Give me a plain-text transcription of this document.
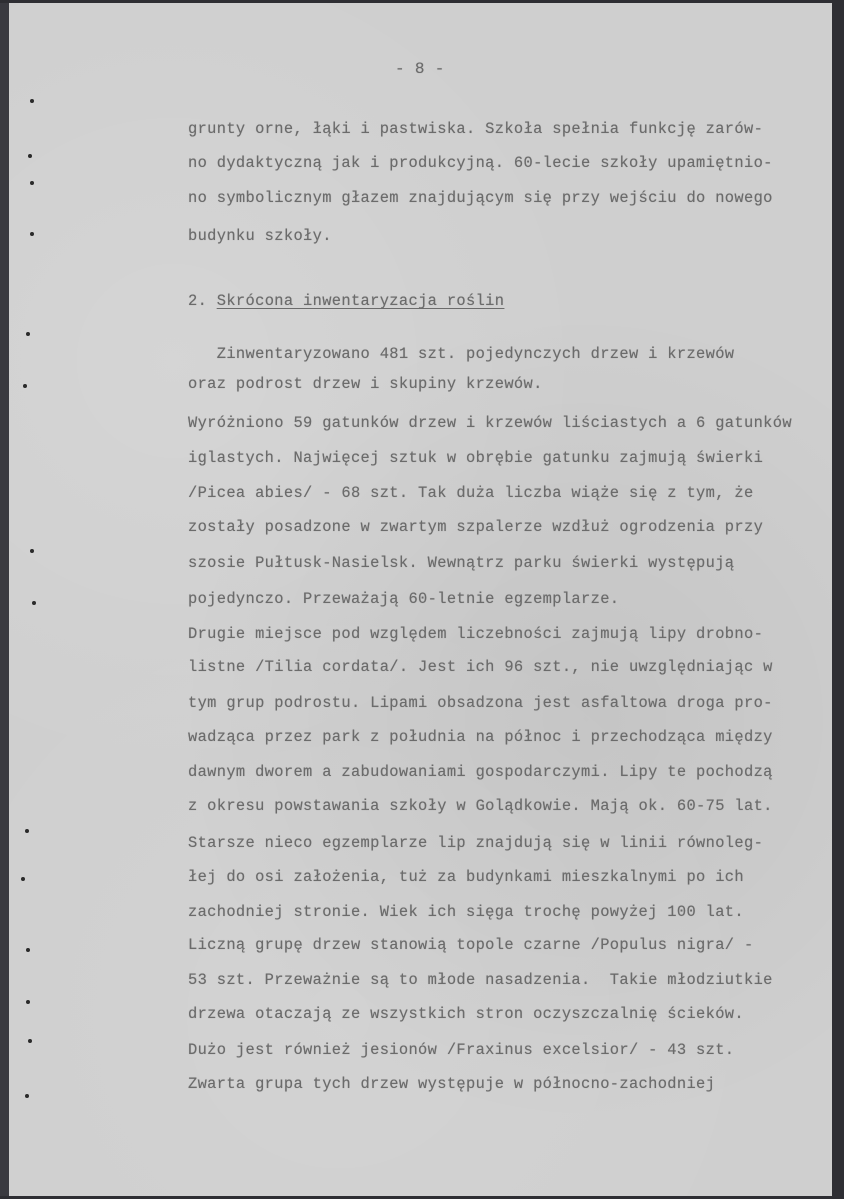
- 8 -
grunty orne, łąki i pastwiska. Szkoła spełnia funkcję zarów-
no dydaktyczną jak i produkcyjną. 60-lecie szkoły upamiętnio-
no symbolicznym głazem znajdującym się przy wejściu do nowego
budynku szkoły.
2. Skrócona inwentaryzacja roślin
Zinwentaryzowano 481 szt. pojedynczych drzew i krzewów
oraz podrost drzew i skupiny krzewów.
Wyróżniono 59 gatunków drzew i krzewów liściastych a 6 gatunków
iglastych. Najwięcej sztuk w obrębie gatunku zajmują świerki
/Picea abies/ - 68 szt. Tak duża liczba wiąże się z tym, że
zostały posadzone w zwartym szpalerze wzdłuż ogrodzenia przy
szosie Pułtusk-Nasielsk. Wewnątrz parku świerki występują
pojedynczo. Przeważają 60-letnie egzemplarze.
Drugie miejsce pod względem liczebności zajmują lipy drobno-
listne /Tilia cordata/. Jest ich 96 szt., nie uwzględniając w
tym grup podrostu. Lipami obsadzona jest asfaltowa droga pro-
wadząca przez park z południa na północ i przechodząca między
dawnym dworem a zabudowaniami gospodarczymi. Lipy te pochodzą
z okresu powstawania szkoły w Golądkowie. Mają ok. 60-75 lat.
Starsze nieco egzemplarze lip znajdują się w linii równoleg-
łej do osi założenia, tuż za budynkami mieszkalnymi po ich
zachodniej stronie. Wiek ich sięga trochę powyżej 100 lat.
Liczną grupę drzew stanowią topole czarne /Populus nigra/ -
53 szt. Przeważnie są to młode nasadzenia.  Takie młodziutkie
drzewa otaczają ze wszystkich stron oczyszczalnię ścieków.
Dużo jest również jesionów /Fraxinus excelsior/ - 43 szt.
Zwarta grupa tych drzew występuje w północno-zachodniej
